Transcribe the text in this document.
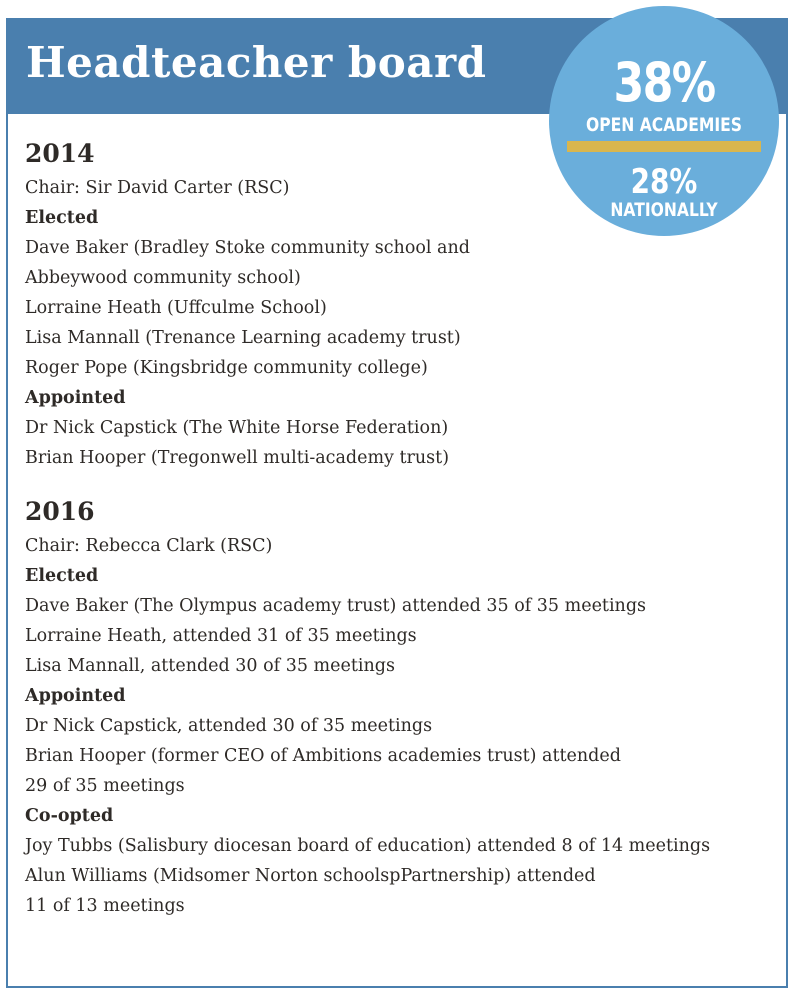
Headteacher board	38%
OPEN ACADEMIES
28%
NATIONALLY

2014

Chair: Sir David Carter (RSC)

Elected

Dave Baker (Bradley Stoke community school and

Abbeywood community school)

Lorraine Heath (Uffculme School)

Lisa Mannall (Trenance Learning academy trust)

Roger Pope (Kingsbridge community college)

Appointed

Dr Nick Capstick (The White Horse Federation)

Brian Hooper (Tregonwell multi-academy trust)

2016

Chair: Rebecca Clark (RSC)

Elected

Dave Baker (The Olympus academy trust) attended 35 of 35 meetings

Lorraine Heath, attended 31 of 35 meetings

Lisa Mannall, attended 30 of 35 meetings

Appointed

Dr Nick Capstick, attended 30 of 35 meetings

Brian Hooper (former CEO of Ambitions academies trust) attended

29 of 35 meetings

Co-opted

Joy Tubbs (Salisbury diocesan board of education) attended 8 of 14 meetings

Alun Williams (Midsomer Norton schoolspPartnership) attended

11 of 13 meetings
